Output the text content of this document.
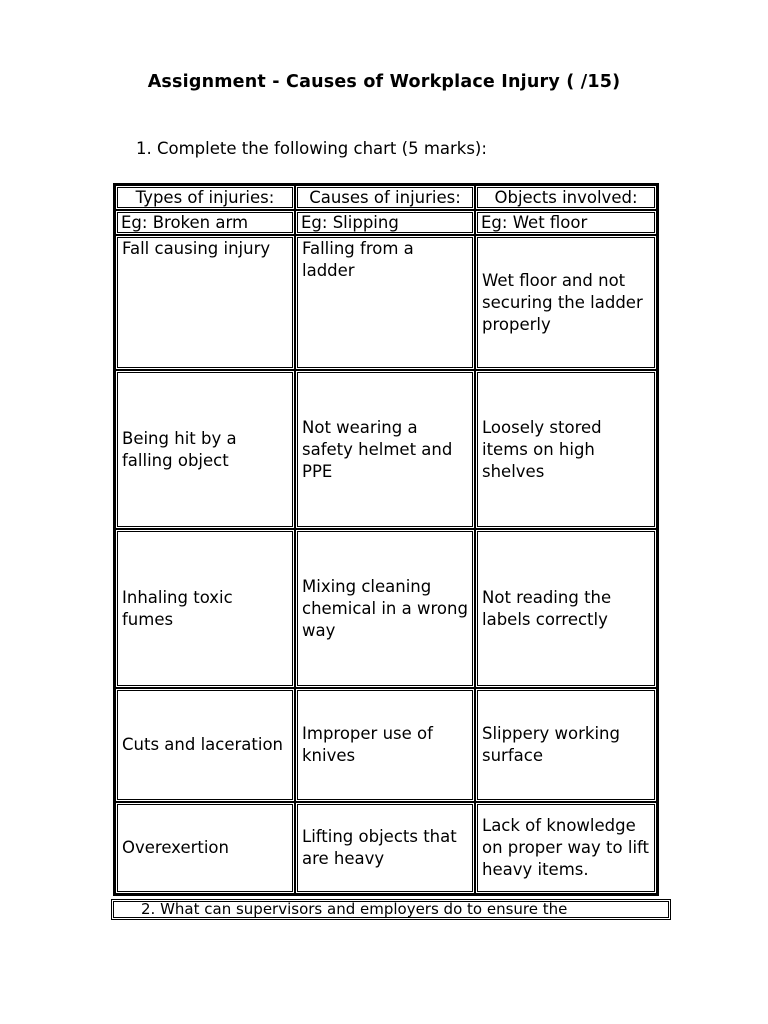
Assignment - Causes of Workplace Injury ( /15)
1. Complete the following chart (5 marks):
Types of injuries:	Causes of injuries:	Objects involved:
Eg: Broken arm	Eg: Slipping	Eg: Wet floor
Fall causing injury	Falling from a ladder	Wet floor and not securing the ladder properly
Being hit by a falling object	Not wearing a safety helmet and PPE	Loosely stored items on high shelves
Inhaling toxic fumes	Mixing cleaning chemical in a wrong way	Not reading the labels correctly
Cuts and laceration	Improper use of knives	Slippery working surface
Overexertion	Lifting objects that are heavy	Lack of knowledge on proper way to lift heavy items.
2. What can supervisors and employers do to ensure the
